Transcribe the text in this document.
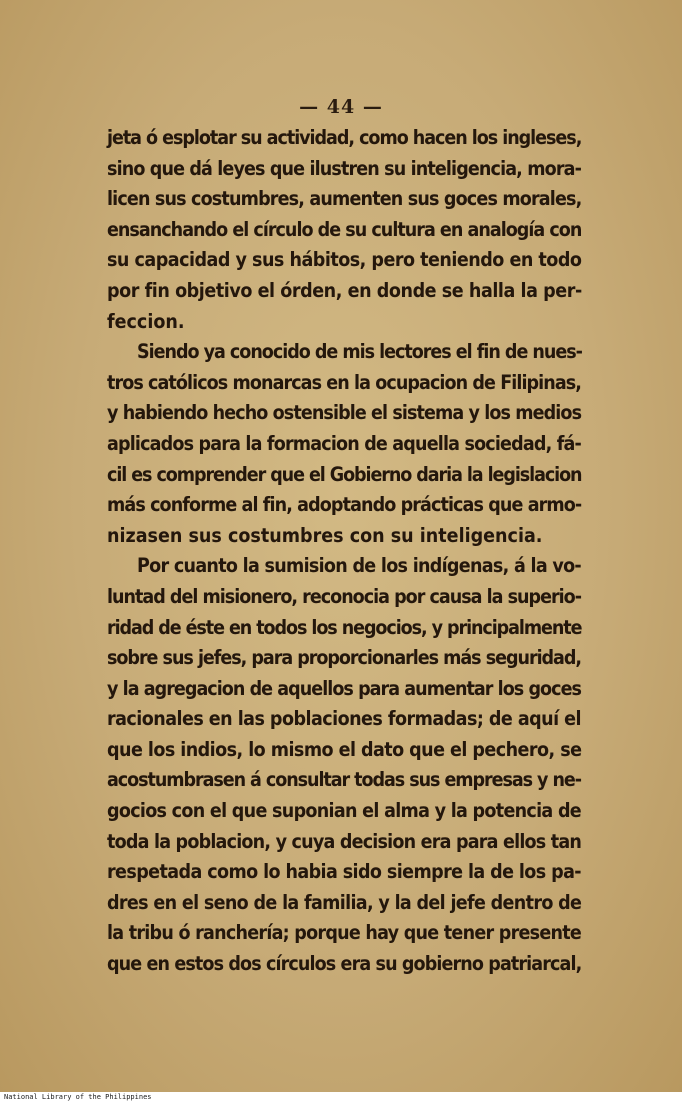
— 44 —
jeta ó esplotar su actividad, como hacen los ingleses,
sino que dá leyes que ilustren su inteligencia, mora-
licen sus costumbres, aumenten sus goces morales,
ensanchando el círculo de su cultura en analogía con
su capacidad y sus hábitos, pero teniendo en todo
por fin objetivo el órden, en donde se halla la per-
feccion.
Siendo ya conocido de mis lectores el fin de nues-
tros católicos monarcas en la ocupacion de Filipinas,
y habiendo hecho ostensible el sistema y los medios
aplicados para la formacion de aquella sociedad, fá-
cil es comprender que el Gobierno daria la legislacion
más conforme al fin, adoptando prácticas que armo-
nizasen sus costumbres con su inteligencia.
Por cuanto la sumision de los indígenas, á la vo-
luntad del misionero, reconocia por causa la superio-
ridad de éste en todos los negocios, y principalmente
sobre sus jefes, para proporcionarles más seguridad,
y la agregacion de aquellos para aumentar los goces
racionales en las poblaciones formadas; de aquí el
que los indios, lo mismo el dato que el pechero, se
acostumbrasen á consultar todas sus empresas y ne-
gocios con el que suponian el alma y la potencia de
toda la poblacion, y cuya decision era para ellos tan
respetada como lo habia sido siempre la de los pa-
dres en el seno de la familia, y la del jefe dentro de
la tribu ó ranchería; porque hay que tener presente
que en estos dos círculos era su gobierno patriarcal,
National Library of the Philippines
